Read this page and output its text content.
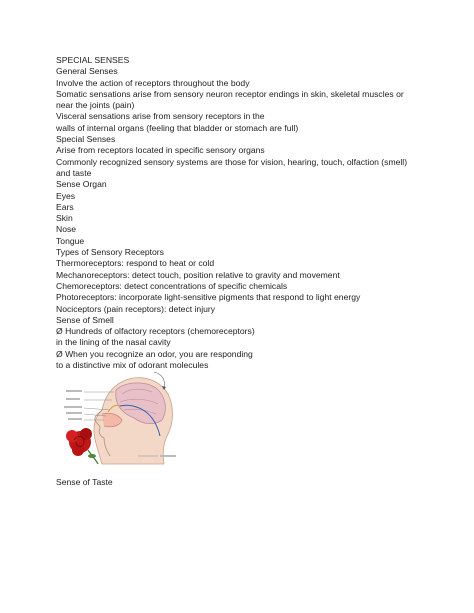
SPECIAL SENSES
General Senses
Involve the action of receptors throughout the body
Somatic sensations arise from sensory neuron receptor endings in skin, skeletal muscles or near the joints (pain)
Visceral sensations arise from sensory receptors in the
walls of internal organs (feeling that bladder or stomach are full)
Special Senses
Arise from receptors located in specific sensory organs
Commonly recognized sensory systems are those for vision, hearing, touch, olfaction (smell) and taste
Sense Organ
Eyes
Ears
Skin
Nose
Tongue
Types of Sensory Receptors
Thermoreceptors: respond to heat or cold
Mechanoreceptors: detect touch, position relative to gravity and movement
Chemoreceptors: detect concentrations of specific chemicals
Photoreceptors: incorporate light-sensitive pigments that respond to light energy
Nociceptors (pain receptors): detect injury
Sense of Smell
Ø Hundreds of olfactory receptors (chemoreceptors)
in the lining of the nasal cavity
Ø When you recognize an odor, you are responding
to a distinctive mix of odorant molecules
Sense of Taste
